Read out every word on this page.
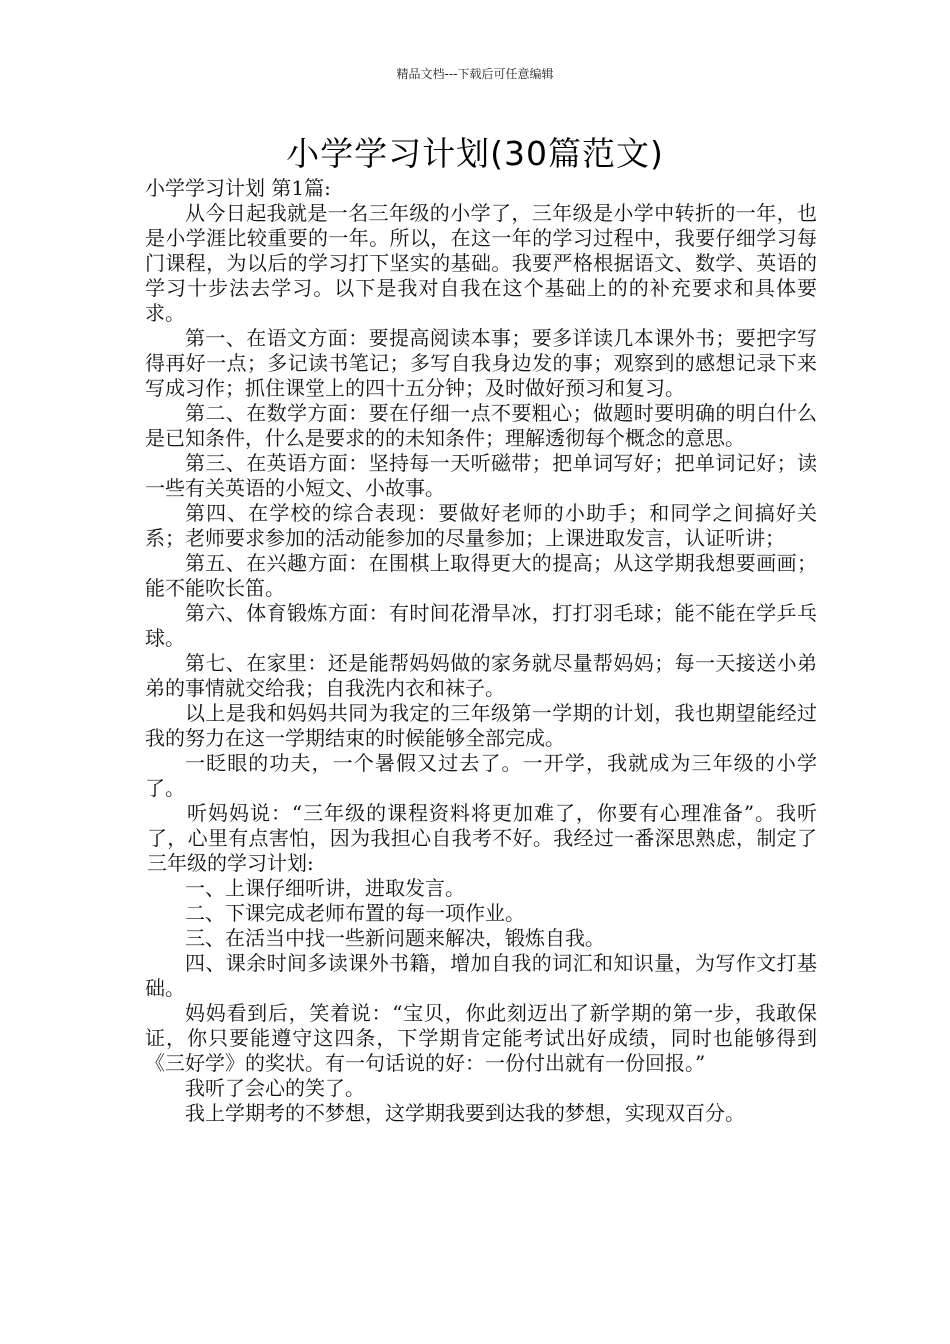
精品文档---下载后可任意编辑
小学学习计划(30篇范文)

小学学习计划 第1篇:

从今日起我就是一名三年级的小学了，三年级是小学中转折的一年，也是小学涯比较重要的一年。所以，在这一年的学习过程中，我要仔细学习每门课程，为以后的学习打下坚实的基础。我要严格根据语文、数学、英语的学习十步法去学习。以下是我对自我在这个基础上的的补充要求和具体要求。

第一、在语文方面：要提高阅读本事；要多详读几本课外书；要把字写得再好一点；多记读书笔记；多写自我身边发的事；观察到的感想记录下来写成习作；抓住课堂上的四十五分钟；及时做好预习和复习。

第二、在数学方面：要在仔细一点不要粗心；做题时要明确的明白什么是已知条件，什么是要求的的未知条件；理解透彻每个概念的意思。

第三、在英语方面：坚持每一天听磁带；把单词写好；把单词记好；读一些有关英语的小短文、小故事。

第四、在学校的综合表现：要做好老师的小助手；和同学之间搞好关系；老师要求参加的活动能参加的尽量参加；上课进取发言，认证听讲；

第五、在兴趣方面：在围棋上取得更大的提高；从这学期我想要画画；能不能吹长笛。

第六、体育锻炼方面：有时间花滑旱冰，打打羽毛球；能不能在学乒乓球。

第七、在家里：还是能帮妈妈做的家务就尽量帮妈妈；每一天接送小弟弟的事情就交给我；自我洗内衣和袜子。

以上是我和妈妈共同为我定的三年级第一学期的计划，我也期望能经过我的努力在这一学期结束的时候能够全部完成。

一眨眼的功夫，一个暑假又过去了。一开学，我就成为三年级的小学了。

听妈妈说：“三年级的课程资料将更加难了，你要有心理准备”。我听了，心里有点害怕，因为我担心自我考不好。我经过一番深思熟虑，制定了三年级的学习计划:

一、上课仔细听讲，进取发言。

二、下课完成老师布置的每一项作业。

三、在活当中找一些新问题来解决，锻炼自我。

四、课余时间多读课外书籍，增加自我的词汇和知识量，为写作文打基础。

妈妈看到后，笑着说：“宝贝，你此刻迈出了新学期的第一步，我敢保证，你只要能遵守这四条，下学期肯定能考试出好成绩，同时也能够得到《三好学》的奖状。有一句话说的好：一份付出就有一份回报。”

我听了会心的笑了。

我上学期考的不梦想，这学期我要到达我的梦想，实现双百分。
